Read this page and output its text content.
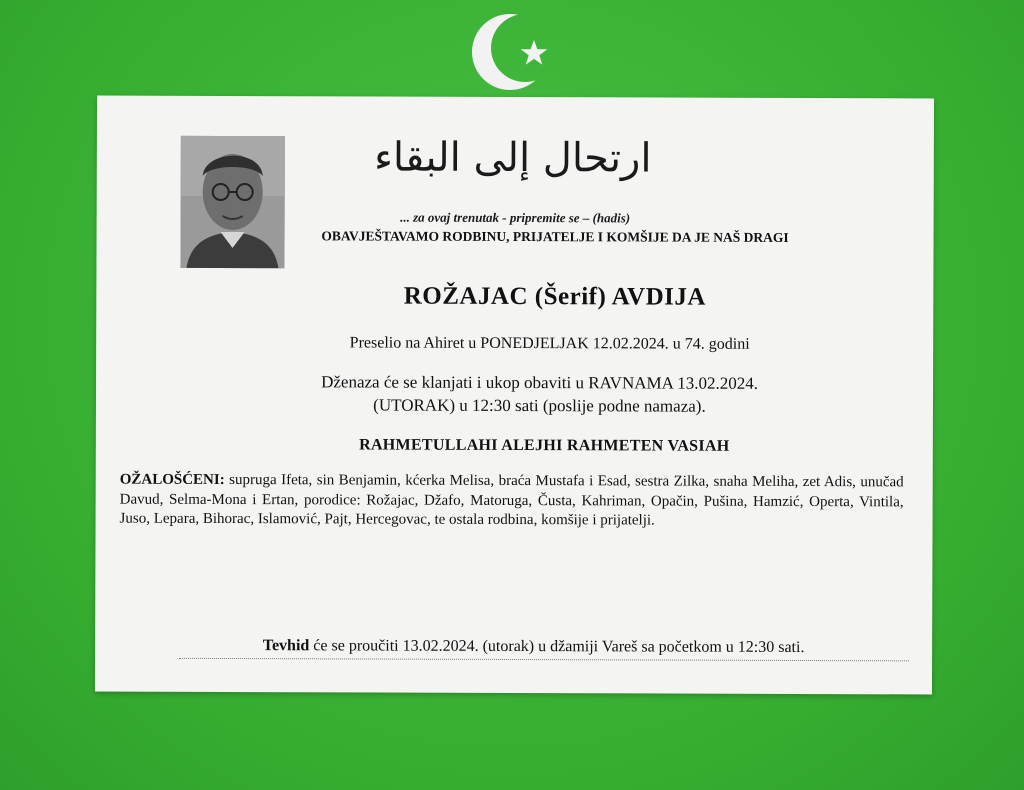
ارتحال إلى البقاء
... za ovaj trenutak - pripremite se – (hadis)
OBAVJEŠTAVAMO RODBINU, PRIJATELJE I KOMŠIJE DA JE NAŠ DRAGI
ROŽAJAC (Šerif) AVDIJA
Preselio na Ahiret u PONEDJELJAK 12.02.2024. u 74. godini
Dženaza će se klanjati i ukop obaviti u RAVNAMA 13.02.2024.
(UTORAK) u 12:30 sati (poslije podne namaza).
RAHMETULLAHI ALEJHI RAHMETEN VASIAH
OŽALOŠĆENI: supruga Ifeta, sin Benjamin, kćerka Melisa, braća Mustafa i Esad, sestra Zilka, snaha Meliha, zet Adis, unučad Davud, Selma-Mona i Ertan, porodice: Rožajac, Džafo, Matoruga, Čusta, Kahriman, Opačin, Pušina, Hamzić, Operta, Vintila, Juso, Lepara, Bihorac, Islamović, Pajt, Hercegovac, te ostala rodbina, komšije i prijatelji.
Tevhid će se proučiti 13.02.2024. (utorak) u džamiji Vareš sa početkom u 12:30 sati.
